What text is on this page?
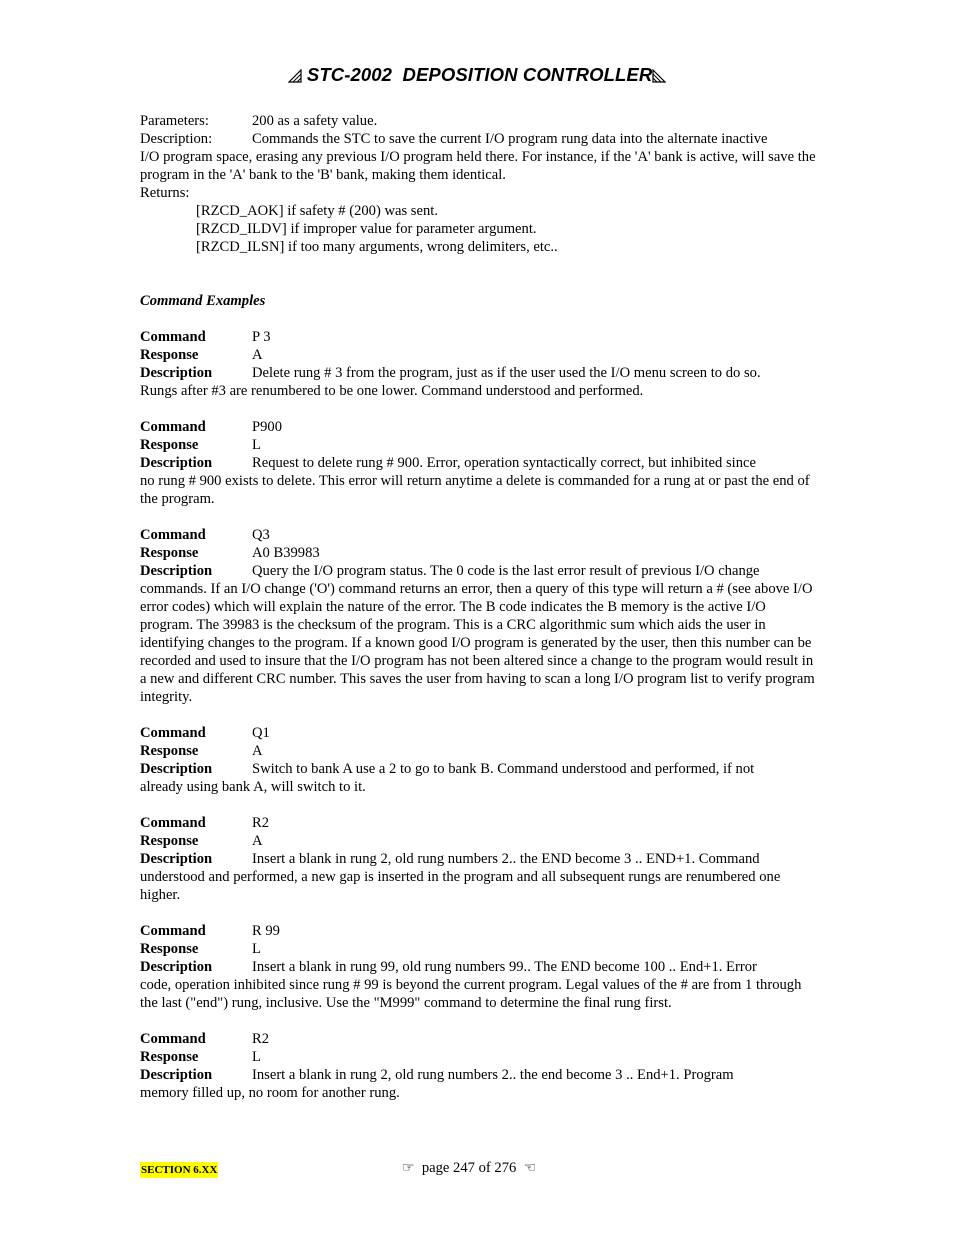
STC-2002  DEPOSITION CONTROLLER
Parameters:	200 as a safety value.
Description:	Commands the STC to save the current I/O program rung data into the alternate inactive

I/O program space, erasing any previous I/O program held there. For instance, if the 'A' bank is active, will save the program in the 'A' bank to the 'B' bank, making them identical.

Returns:
[RZCD_AOK] if safety # (200) was sent.
[RZCD_ILDV] if improper value for parameter argument.
[RZCD_ILSN] if too many arguments, wrong delimiters, etc..
Command Examples
Command	P 3
Response	A
Description	Delete rung # 3 from the program, just as if the user used the I/O menu screen to do so.

Rungs after #3 are renumbered to be one lower. Command understood and performed.

Command	P900
Response	L
Description	Request to delete rung # 900. Error, operation syntactically correct, but inhibited since

no rung # 900 exists to delete. This error will return anytime a delete is commanded for a rung at or past the end of the program.

Command	Q3
Response	A0 B39983
Description	Query the I/O program status. The 0 code is the last error result of previous I/O change

commands. If an I/O change ('O') command returns an error, then a query of this type will return a # (see above I/O error codes) which will explain the nature of the error. The B code indicates the B memory is the active I/O program. The 39983 is the checksum of the program. This is a CRC algorithmic sum which aids the user in identifying changes to the program. If a known good I/O program is generated by the user, then this number can be recorded and used to insure that the I/O program has not been altered since a change to the program would result in a new and different CRC number. This saves the user from having to scan a long I/O program list to verify program integrity.

Command	Q1
Response	A
Description	Switch to bank A use a 2 to go to bank B. Command understood and performed, if not

already using bank A, will switch to it.

Command	R2
Response	A
Description	Insert a blank in rung 2, old rung numbers 2.. the END become 3 .. END+1. Command

understood and performed, a new gap is inserted in the program and all subsequent rungs are renumbered one higher.

Command	R 99
Response	L
Description	Insert a blank in rung 99, old rung numbers 99.. The END become 100 .. End+1. Error

code, operation inhibited since rung # 99 is beyond the current program. Legal values of the # are from 1 through the last ("end") rung, inclusive. Use the "M999" command to determine the final rung first.

Command	R2
Response	L
Description	Insert a blank in rung 2, old rung numbers 2.. the end become 3 .. End+1. Program

memory filled up, no room for another rung.

SECTION 6.XX	☞ page 247 of 276 ☜
